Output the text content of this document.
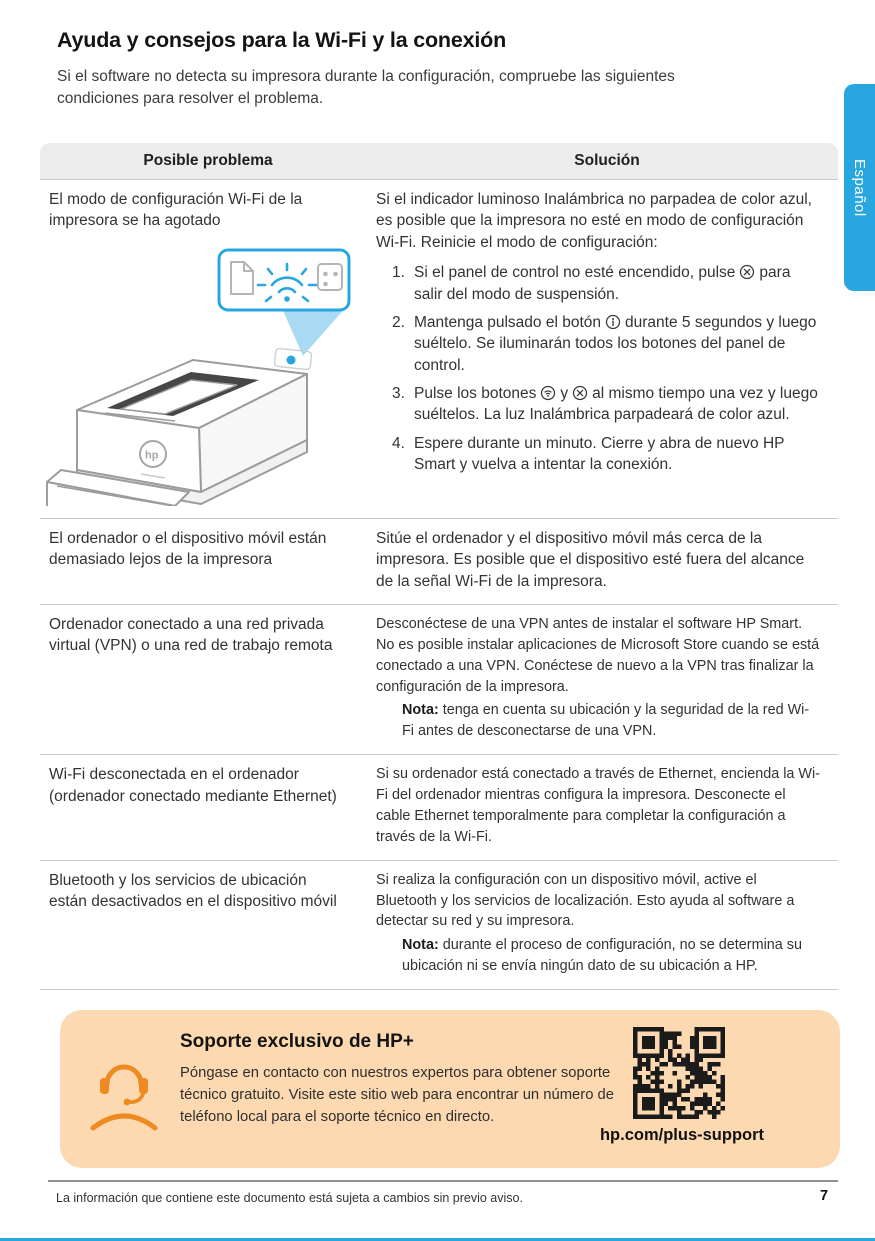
Ayuda y consejos para la Wi-Fi y la conexión

Si el software no detecta su impresora durante la configuración, compruebe las siguientes condiciones para resolver el problema.

Español
Posible problema	Solución
El modo de configuración Wi-Fi de la impresora se ha agotado
hp

Si el indicador luminoso Inalámbrica no parpadea de color azul, es posible que la impresora no esté en modo de configuración Wi-Fi. Reinicie el modo de configuración:

1. Si el panel de control no esté encendido, pulse para salir del modo de suspensión.
2. Mantenga pulsado el botón durante 5 segundos y luego suéltelo. Se iluminarán todos los botones del panel de control.
3. Pulse los botones y al mismo tiempo una vez y luego suéltelos. La luz Inalámbrica parpadeará de color azul.
4. Espere durante un minuto. Cierre y abra de nuevo HP Smart y vuelva a intentar la conexión.
El ordenador o el dispositivo móvil están demasiado lejos de la impresora
Sitúe el ordenador y el dispositivo móvil más cerca de la impresora. Es posible que el dispositivo esté fuera del alcance de la señal Wi-Fi de la impresora.
Ordenador conectado a una red privada virtual (VPN) o una red de trabajo remota

Desconéctese de una VPN antes de instalar el software HP Smart. No es posible instalar aplicaciones de Microsoft Store cuando se está conectado a una VPN. Conéctese de nuevo a la VPN tras finalizar la configuración de la impresora.

Nota: tenga en cuenta su ubicación y la seguridad de la red Wi-Fi antes de desconectarse de una VPN.

Wi-Fi desconectada en el ordenador (ordenador conectado mediante Ethernet)
Si su ordenador está conectado a través de Ethernet, encienda la Wi-Fi del ordenador mientras configura la impresora. Desconecte el cable Ethernet temporalmente para completar la configuración a través de la Wi-Fi.
Bluetooth y los servicios de ubicación están desactivados en el dispositivo móvil

Si realiza la configuración con un dispositivo móvil, active el Bluetooth y los servicios de localización. Esto ayuda al software a detectar su red y su impresora.

Nota: durante el proceso de configuración, no se determina su ubicación ni se envía ningún dato de su ubicación a HP.

Soporte exclusivo de HP+

Póngase en contacto con nuestros expertos para obtener soporte técnico gratuito. Visite este sitio web para encontrar un número de teléfono local para el soporte técnico en directo.

hp.com/plus-support

La información que contiene este documento está sujeta a cambios sin previo aviso.	7
